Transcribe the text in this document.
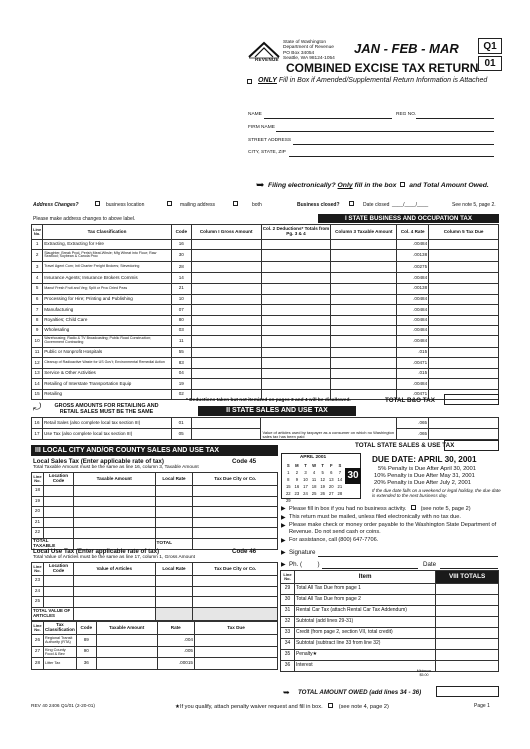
REVENUE
State of Washington
Department of Revenue
PO Box 34054
Seattle, WA 98124-1054
JAN - FEB - MAR	Q1
01
COMBINED EXCISE TAX RETURN
ONLY Fill in Box if Amended/Supplemental Return Information is Attached
NAME	REG NO.
FIRM NAME
STREET ADDRESS
CITY, STATE, ZIP
➥ Filing electronically? Only fill in the box and Total Amount Owed.
Address Changes?	business location	mailing address	both	Business closed?	Date closed ____/____/____	See note 5, page 2.
Please make address changes to above label.	I STATE BUSINESS AND OCCUPATION TAX
Line No.	Tax Classification	Code	Column I Gross Amount	Col. 2 Deductions* Totals from Pg. 3 & 4	Column 3 Taxable Amount	Col. 4 Rate	Column 5 Tax Due
1	Extracting, Extracting for Hire	16				.00484	
2	Slaughter, Break Prod, Perish Meat-Whsle; Mfg Wheat into Flour; Raw Seafood; Soybean & Canola Proc	30				.00138	
3	Travel Agent Com; Intl Charter Freight Brokers; Stevedoring	28				.00275	
4	Insurance Agents; Insurance Brokers Commis	14				.00484	
5	Manuf Fresh Fruit and Veg; Split or Proc Dried Peas	21				.00138	
6	Processing for Hire; Printing and Publishing	10				.00484	
7	Manufacturing	07				.00484	
8	Royalties; Child Care	80				.00484	
9	Wholesaling	03				.00484	
10	Warehousing; Radio & TV Broadcasting; Public Road Construction; Government Contracting	11				.00484	
11	Public or Nonprofit Hospitals	55				.015	
12	Cleanup of Radioactive Waste for US Gov't; Environmental Remedial Action	83				.00471	
13	Service & Other Activities	04				.015	
14	Retailing of Interstate Transportation Equip	19				.00484	
15	Retailing	02				.00471	
⤾	GROSS AMOUNTS FOR RETAILING AND RETAIL SALES MUST BE THE SAME
* Deductions taken but not itemized on pages 3 and 4 will be disallowed.	TOTAL B&O TAX
II STATE SALES AND USE TAX
16	Retail Sales (also complete local tax section III)	01		Value of articles used by taxpayer as a consumer on which no Washington sales tax has been paid	.065	
17	Use Tax (also complete local tax section III)	05			.065	
TOTAL STATE SALES & USE TAX
III LOCAL CITY AND/OR COUNTY SALES AND USE TAX
Local Sales Tax (Enter applicable rate of tax)	Code 45
Total Taxable Amount must be the same as line 16, column 3, Taxable Amount
Line No.	Location Code	Taxable Amount	Local Rate	Tax Due City or Co.
18				
19				
20				
21				
22				
TOTAL TAXABLE			TOTAL	
Local Use Tax (Enter applicable rate of tax)	Code 46
Total Value of Articles must be the same as line 17, column 1, Gross Amount
Line No.	Location Code	Value of Articles	Local Rate	Tax Due City or Co.
23				
24				
25				
TOTAL VALUE OF ARTICLES				
Line No.	Tax Classification	Code	Taxable Amount	Rate	Tax Due
26	Regional Transit Authority (RTA)	89		.004	
27	King County Food & Bev	90		.005	
28	Litter Tax	36		.00015	
APRIL 2001
S	M	T	W	T	F	S
1	2	3	4	5	6	7
8	9	10 11 12 13 14
15 16 17 18 19 20 21
22 23 24 25 26 27 28
29
30
DUE DATE: APRIL 30, 2001
5% Penalty is Due After April 30, 2001
10% Penalty is Due After May 31, 2001
20% Penalty is Due After July 2, 2001
If the due date falls on a weekend or legal holiday, the due date is extended to the next business day.
▶ Please fill in box if you had no business activity.	(see note 5, page 2)
▶ This return must be mailed, unless filed electronically with no tax due.
▶ Please make check or money order payable to the Washington State Department of Revenue. Do not send cash or coins.
▶ For assistance, call (800) 647-7706.
▶ Signature
▶ Ph. (         )	Date
Line No.	Item	VIII TOTALS
29	Total All Tax Due from page 1	
30	Total All Tax Due from page 2	
31	Rental Car Tax (attach Rental Car Tax Addendum)	
32	Subtotal (add lines 29-31)	
33	Credit (from page 2, section VII, total credit)	
34	Subtotal (subtract line 33 from line 32)	
35	Penalty★	
36	Interest	
Minimum $5.00
➥ TOTAL AMOUNT OWED (add lines 34 - 36)
REV 40 2406 Q1/01 (2-20-01)	★If you qualify, attach penalty waiver request and fill in box.	(see note 4, page 2)	Page 1
